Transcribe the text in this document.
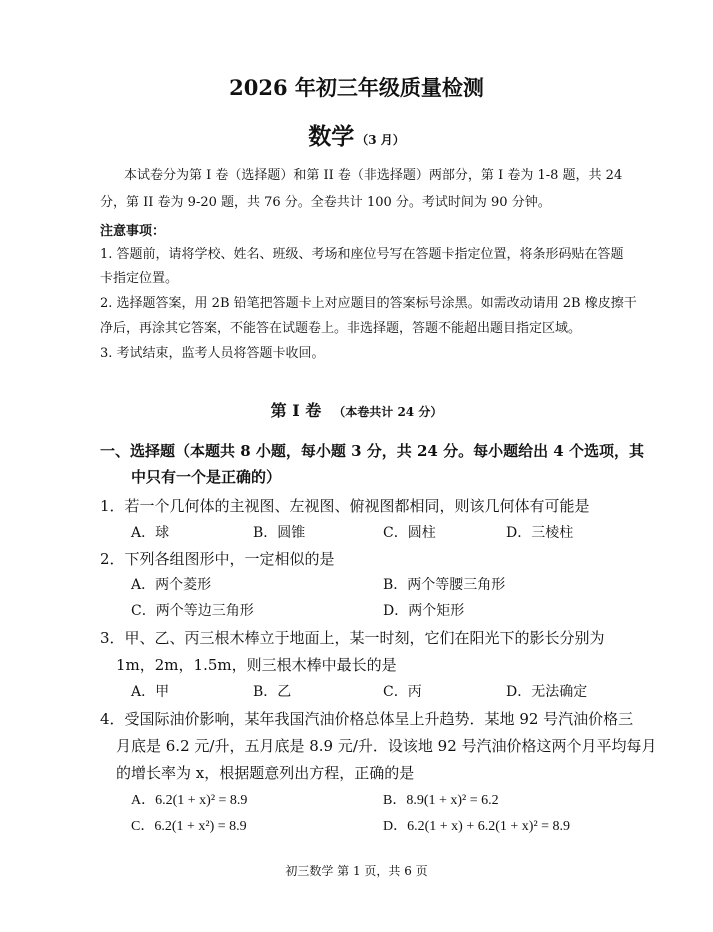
2026 年初三年级质量检测
数学 （3 月）
本试卷分为第 I 卷（选择题）和第 II 卷（非选择题）两部分，第 I 卷为 1-8 题，共 24
分，第 II 卷为 9-20 题，共 76 分。全卷共计 100 分。考试时间为 90 分钟。
注意事项：
1. 答题前，请将学校、姓名、班级、考场和座位号写在答题卡指定位置，将条形码贴在答题
卡指定位置。
2. 选择题答案，用 2B 铅笔把答题卡上对应题目的答案标号涂黑。如需改动请用 2B 橡皮擦干
净后，再涂其它答案，不能答在试题卷上。非选择题，答题不能超出题目指定区域。
3. 考试结束，监考人员将答题卡收回。
第 I 卷 （本卷共计 24 分）
一、选择题（本题共 8 小题，每小题 3 分，共 24 分。每小题给出 4 个选项，其
中只有一个是正确的）
1．若一个几何体的主视图、左视图、俯视图都相同，则该几何体有可能是
A．球	B．圆锥	C．圆柱	D．三棱柱
2．下列各组图形中，一定相似的是
A．两个菱形	B．两个等腰三角形
C．两个等边三角形	D．两个矩形
3．甲、乙、丙三根木棒立于地面上，某一时刻，它们在阳光下的影长分别为
1m，2m，1.5m，则三根木棒中最长的是
A．甲	B．乙	C．丙	D．无法确定
4．受国际油价影响，某年我国汽油价格总体呈上升趋势．某地 92 号汽油价格三
月底是 6.2 元/升，五月底是 8.9 元/升．设该地 92 号汽油价格这两个月平均每月
的增长率为 x，根据题意列出方程，正确的是
A．6.2(1 + x)² = 8.9	B．8.9(1 + x)² = 6.2
C．6.2(1 + x²) = 8.9	D．6.2(1 + x) + 6.2(1 + x)² = 8.9
初三数学 第 1 页，共 6 页
